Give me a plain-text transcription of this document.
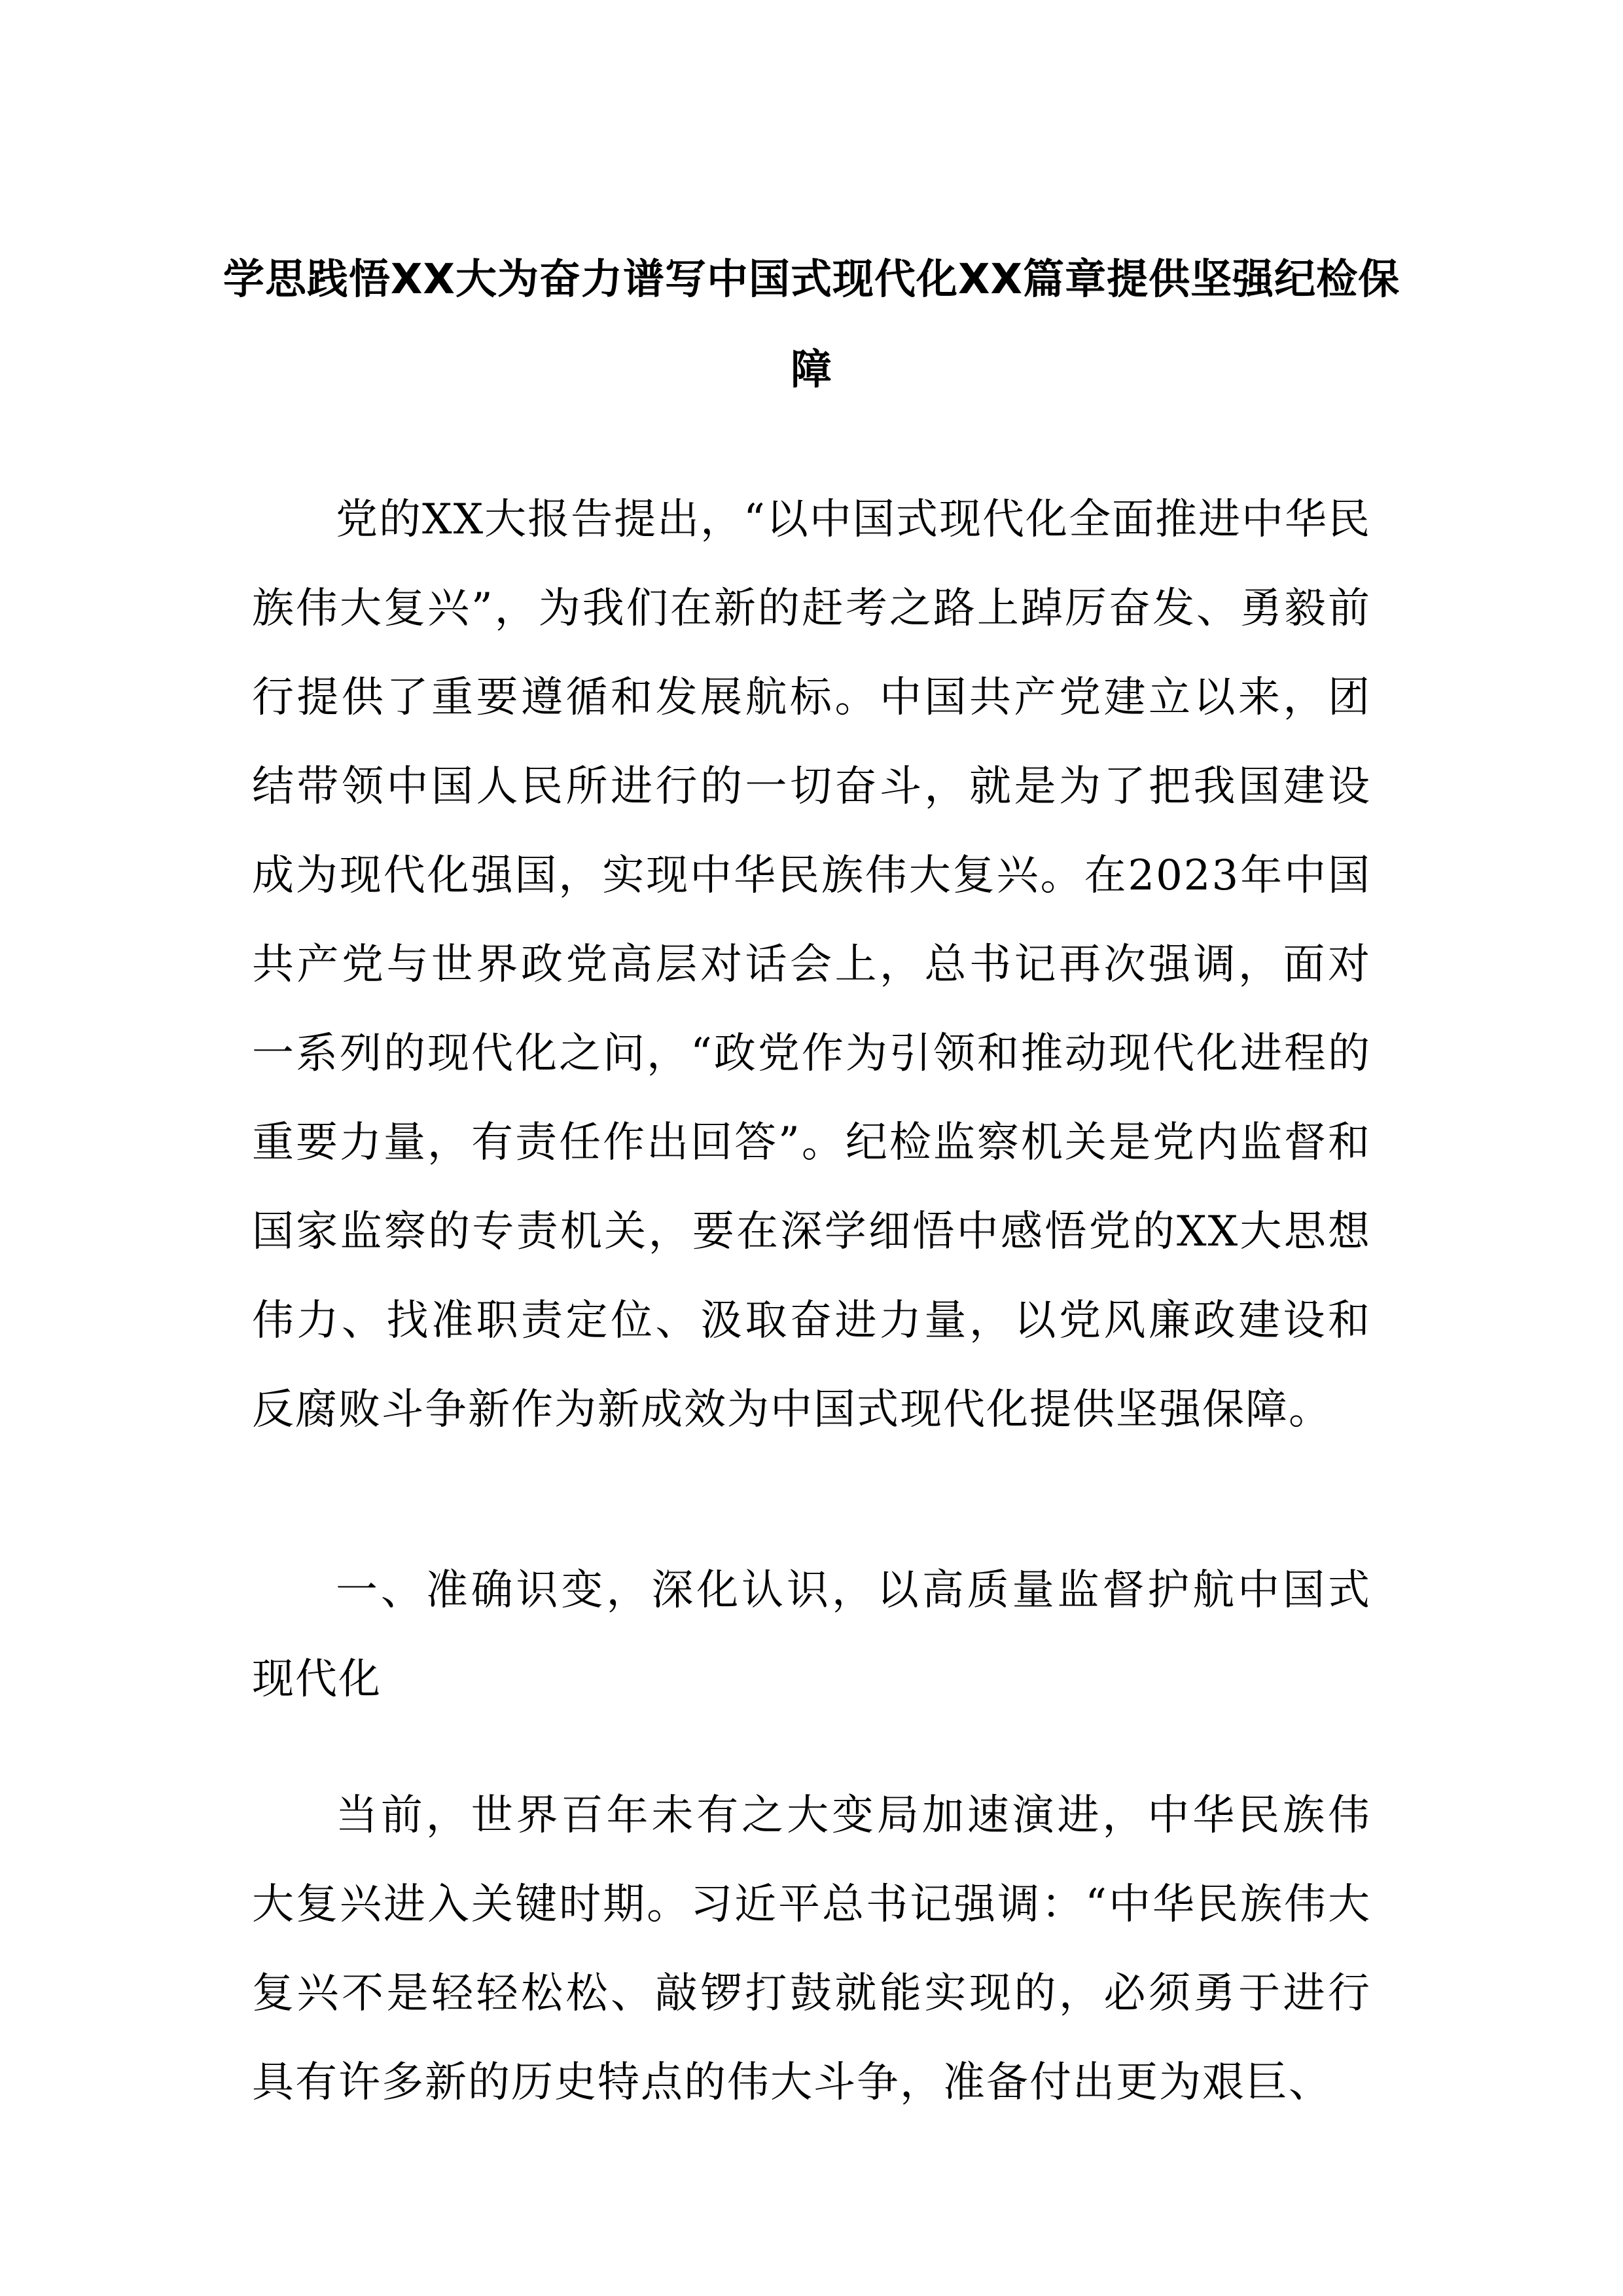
学思践悟XX大为奋力谱写中国式现代化XX篇章提供坚强纪检保障

党的XX大报告提出，“以中国式现代化全面推进中华民族伟大复兴”，为我们在新的赶考之路上踔厉奋发、勇毅前行提供了重要遵循和发展航标。中国共产党建立以来，团结带领中国人民所进行的一切奋斗，就是为了把我国建设成为现代化强国，实现中华民族伟大复兴。在2023年中国共产党与世界政党高层对话会上，总书记再次强调，面对一系列的现代化之问，“政党作为引领和推动现代化进程的重要力量，有责任作出回答”。纪检监察机关是党内监督和国家监察的专责机关，要在深学细悟中感悟党的XX大思想伟力、找准职责定位、汲取奋进力量，以党风廉政建设和反腐败斗争新作为新成效为中国式现代化提供坚强保障。

一、准确识变，深化认识，以高质量监督护航中国式现代化

当前，世界百年未有之大变局加速演进，中华民族伟大复兴进入关键时期。习近平总书记强调：“中华民族伟大复兴不是轻轻松松、敲锣打鼓就能实现的，必须勇于进行具有许多新的历史特点的伟大斗争，准备付出更为艰巨、
